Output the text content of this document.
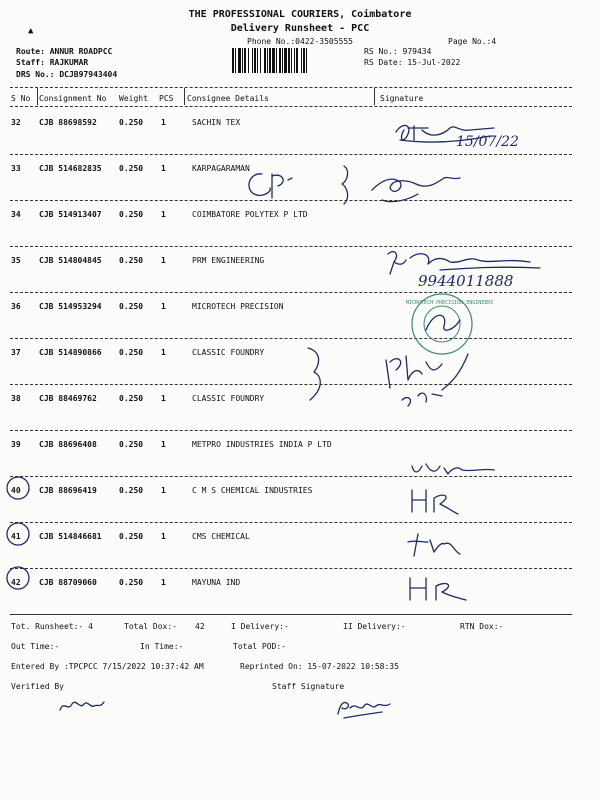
THE PROFESSIONAL COURIERS, Coimbatore
Delivery Runsheet - PCC
Phone No.:0422-3505555	Page No.:4
Route: ANNUR ROADPCC
Staff: RAJKUMAR
DRS No.: DCJB97943404
RS No.: 979434
RS Date: 15-Jul-2022
▲
S No Consignment No Weight PCS Consignee Details	Signature
32 CJB 88698592	0.250 1	SACHIN TEX
33 CJB 514682835 0.250 1	KARPAGARAMAN
34 CJB 514913407 0.250 1	COIMBATORE POLYTEX P LTD
35 CJB 514804845 0.250 1	PRM ENGINEERING
36 CJB 514953294 0.250 1	MICROTECH PRECISION
37 CJB 514890866 0.250 1	CLASSIC FOUNDRY
38 CJB 88469762	0.250 1	CLASSIC FOUNDRY
39 CJB 88696408	0.250 1	METPRO INDUSTRIES INDIA P LTD
40 CJB 88696419	0.250 1	C M S CHEMICAL INDUSTRIES
41 CJB 514846681 0.250 1	CMS CHEMICAL
42 CJB 88709060	0.250 1	MAYUNA IND
15/07/22
9944011888
MICROTECH PRECISION ENGINEERS
Tot. Runsheet:- 4	Total Dox:- 42	I Delivery:-	II Delivery:-	RTN Dox:-
Out Time:-	In Time:-	Total POD:-
Entered By :TPCPCC 7/15/2022 10:37:42 AM	Reprinted On: 15-07-2022 10:58:35
Verified By	Staff Signature
